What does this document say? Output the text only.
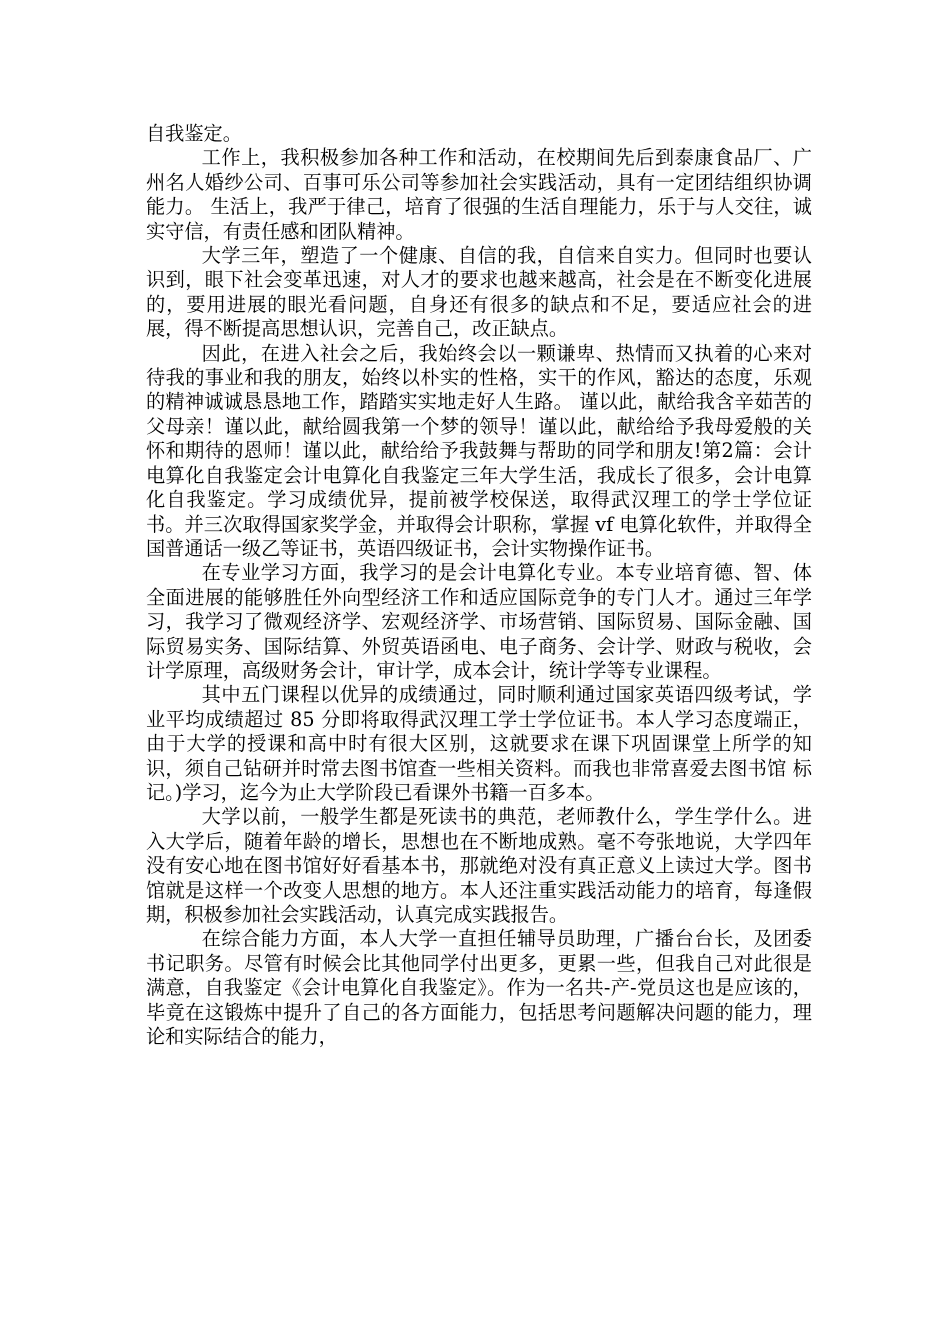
自我鉴定。

工作上，我积极参加各种工作和活动，在校期间先后到泰康食品厂、广州名人婚纱公司、百事可乐公司等参加社会实践活动，具有一定团结组织协调能力。 生活上，我严于律己，培育了很强的生活自理能力，乐于与人交往，诚实守信，有责任感和团队精神。

大学三年，塑造了一个健康、自信的我，自信来自实力。但同时也要认识到，眼下社会变革迅速，对人才的要求也越来越高，社会是在不断变化进展的，要用进展的眼光看问题，自身还有很多的缺点和不足，要适应社会的进展，得不断提高思想认识，完善自己，改正缺点。

因此，在进入社会之后，我始终会以一颗谦卑、热情而又执着的心来对待我的事业和我的朋友，始终以朴实的性格，实干的作风，豁达的态度，乐观的精神诚诚恳恳地工作，踏踏实实地走好人生路。 谨以此，献给我含辛茹苦的父母亲！谨以此，献给圆我第一个梦的领导！谨以此，献给给予我母爱般的关怀和期待的恩师！谨以此，献给给予我鼓舞与帮助的同学和朋友!第2篇：会计电算化自我鉴定会计电算化自我鉴定三年大学生活，我成长了很多，会计电算化自我鉴定。学习成绩优异，提前被学校保送，取得武汉理工的学士学位证书。并三次取得国家奖学金，并取得会计职称，掌握 vf 电算化软件，并取得全国普通话一级乙等证书，英语四级证书，会计实物操作证书。

在专业学习方面，我学习的是会计电算化专业。本专业培育德、智、体全面进展的能够胜任外向型经济工作和适应国际竞争的专门人才。通过三年学习，我学习了微观经济学、宏观经济学、市场营销、国际贸易、国际金融、国际贸易实务、国际结算、外贸英语函电、电子商务、会计学、财政与税收，会计学原理，高级财务会计，审计学，成本会计，统计学等专业课程。

其中五门课程以优异的成绩通过，同时顺利通过国家英语四级考试，学业平均成绩超过 85 分即将取得武汉理工学士学位证书。本人学习态度端正，由于大学的授课和高中时有很大区别，这就要求在课下巩固课堂上所学的知识，须自己钻研并时常去图书馆查一些相关资料。而我也非常喜爱去图书馆 标记。)学习，迄今为止大学阶段已看课外书籍一百多本。

大学以前，一般学生都是死读书的典范，老师教什么，学生学什么。进入大学后，随着年龄的增长，思想也在不断地成熟。毫不夸张地说，大学四年没有安心地在图书馆好好看基本书，那就绝对没有真正意义上读过大学。图书馆就是这样一个改变人思想的地方。本人还注重实践活动能力的培育，每逢假期，积极参加社会实践活动，认真完成实践报告。

在综合能力方面，本人大学一直担任辅导员助理，广播台台长，及团委书记职务。尽管有时候会比其他同学付出更多，更累一些，但我自己对此很是满意，自我鉴定《会计电算化自我鉴定》。作为一名共-产-党员这也是应该的，毕竟在这锻炼中提升了自己的各方面能力，包括思考问题解决问题的能力，理论和实际结合的能力，
